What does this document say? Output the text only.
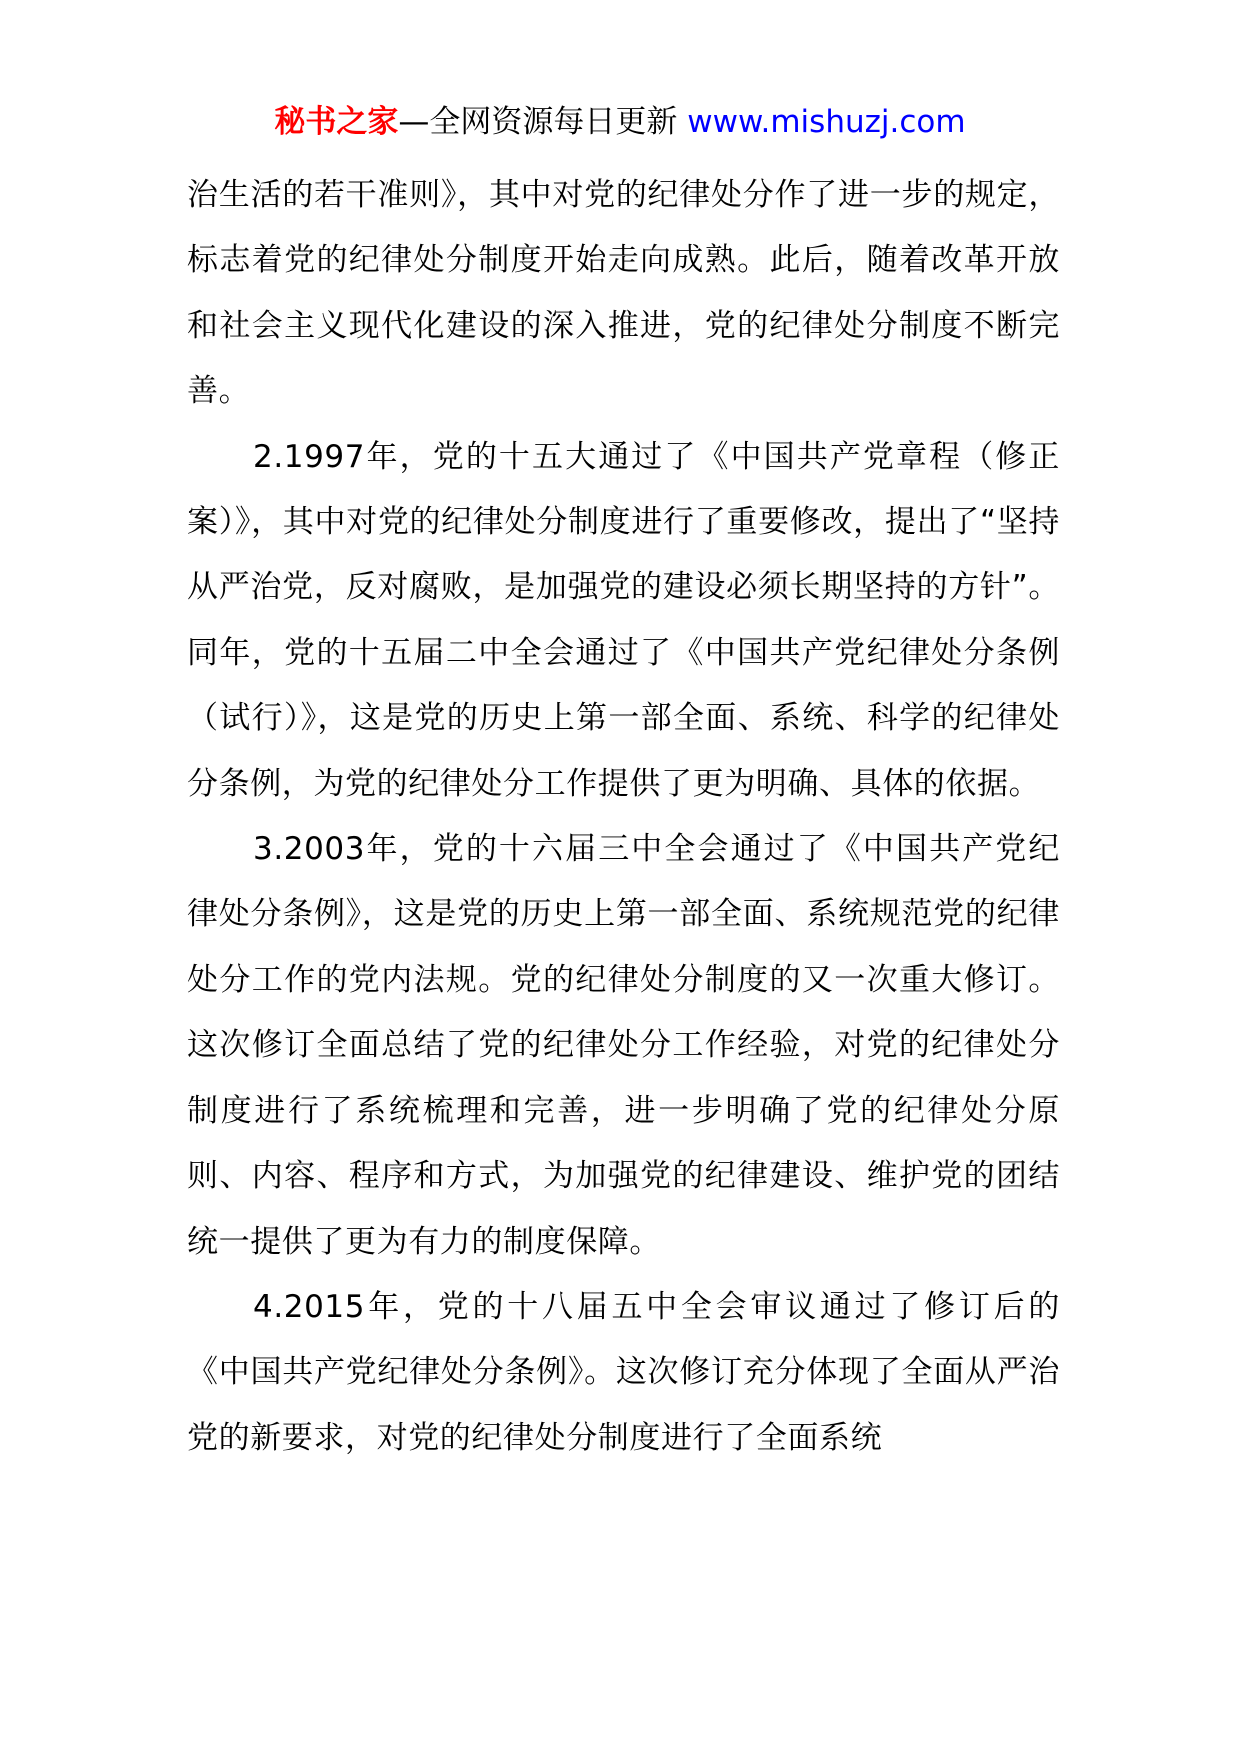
秘书之家—全网资源每日更新 www.mishuzj.com

治生活的若干准则》，其中对党的纪律处分作了进一步的规定，标志着党的纪律处分制度开始走向成熟。此后，随着改革开放和社会主义现代化建设的深入推进，党的纪律处分制度不断完善。

2.1997年，党的十五大通过了《中国共产党章程（修正案）》，其中对党的纪律处分制度进行了重要修改，提出了“坚持从严治党，反对腐败，是加强党的建设必须长期坚持的方针”。同年，党的十五届二中全会通过了《中国共产党纪律处分条例（试行）》，这是党的历史上第一部全面、系统、科学的纪律处分条例，为党的纪律处分工作提供了更为明确、具体的依据。

3.2003年，党的十六届三中全会通过了《中国共产党纪律处分条例》，这是党的历史上第一部全面、系统规范党的纪律处分工作的党内法规。党的纪律处分制度的又一次重大修订。这次修订全面总结了党的纪律处分工作经验，对党的纪律处分制度进行了系统梳理和完善，进一步明确了党的纪律处分原则、内容、程序和方式，为加强党的纪律建设、维护党的团结统一提供了更为有力的制度保障。

4.2015年，党的十八届五中全会审议通过了修订后的《中国共产党纪律处分条例》。这次修订充分体现了全面从严治党的新要求，对党的纪律处分制度进行了全面系统
